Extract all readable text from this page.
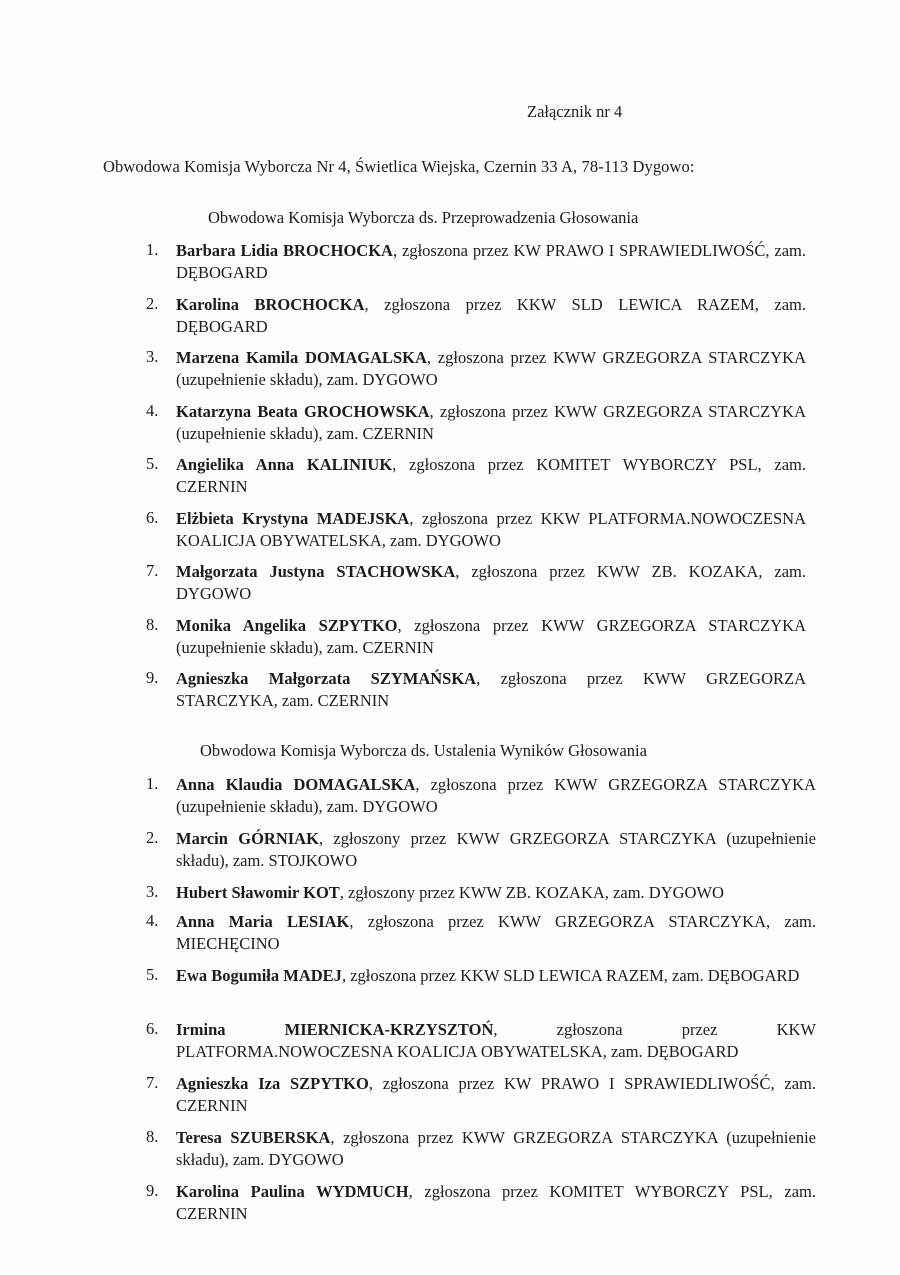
Załącznik nr 4
Obwodowa Komisja Wyborcza Nr 4, Świetlica Wiejska, Czernin 33 A, 78-113 Dygowo:
Obwodowa Komisja Wyborcza ds. Przeprowadzenia Głosowania
1.	Barbara Lidia BROCHOCKA, zgłoszona przez KW PRAWO I SPRAWIEDLIWOŚĆ, zam. DĘBOGARD
2.	Karolina BROCHOCKA, zgłoszona przez KKW SLD LEWICA RAZEM, zam. DĘBOGARD
3.	Marzena Kamila DOMAGALSKA, zgłoszona przez KWW GRZEGORZA STARCZYKA (uzupełnienie składu), zam. DYGOWO
4.	Katarzyna Beata GROCHOWSKA, zgłoszona przez KWW GRZEGORZA STARCZYKA (uzupełnienie składu), zam. CZERNIN
5.	Angielika Anna KALINIUK, zgłoszona przez KOMITET WYBORCZY PSL, zam. CZERNIN
6.	Elżbieta Krystyna MADEJSKA, zgłoszona przez KKW PLATFORMA.NOWOCZESNA KOALICJA OBYWATELSKA, zam. DYGOWO
7.	Małgorzata Justyna STACHOWSKA, zgłoszona przez KWW ZB. KOZAKA, zam. DYGOWO
8.	Monika Angelika SZPYTKO, zgłoszona przez KWW GRZEGORZA STARCZYKA (uzupełnienie składu), zam. CZERNIN
9.	Agnieszka Małgorzata SZYMAŃSKA, zgłoszona przez KWW GRZEGORZA STARCZYKA, zam. CZERNIN
Obwodowa Komisja Wyborcza ds. Ustalenia Wyników Głosowania
1.	Anna Klaudia DOMAGALSKA, zgłoszona przez KWW GRZEGORZA STARCZYKA (uzupełnienie składu), zam. DYGOWO
2.	Marcin GÓRNIAK, zgłoszony przez KWW GRZEGORZA STARCZYKA (uzupełnienie składu), zam. STOJKOWO
3.	Hubert Sławomir KOT, zgłoszony przez KWW ZB. KOZAKA, zam. DYGOWO
4.	Anna Maria LESIAK, zgłoszona przez KWW GRZEGORZA STARCZYKA, zam. MIECHĘCINO
5.	Ewa Bogumiła MADEJ, zgłoszona przez KKW SLD LEWICA RAZEM, zam. DĘBOGARD
6.	Irmina MIERNICKA-KRZYSZTOŃ, zgłoszona przez KKW PLATFORMA.NOWOCZESNA KOALICJA OBYWATELSKA, zam. DĘBOGARD
7.	Agnieszka Iza SZPYTKO, zgłoszona przez KW PRAWO I SPRAWIEDLIWOŚĆ, zam. CZERNIN
8.	Teresa SZUBERSKA, zgłoszona przez KWW GRZEGORZA STARCZYKA (uzupełnienie składu), zam. DYGOWO
9.	Karolina Paulina WYDMUCH, zgłoszona przez KOMITET WYBORCZY PSL, zam. CZERNIN
